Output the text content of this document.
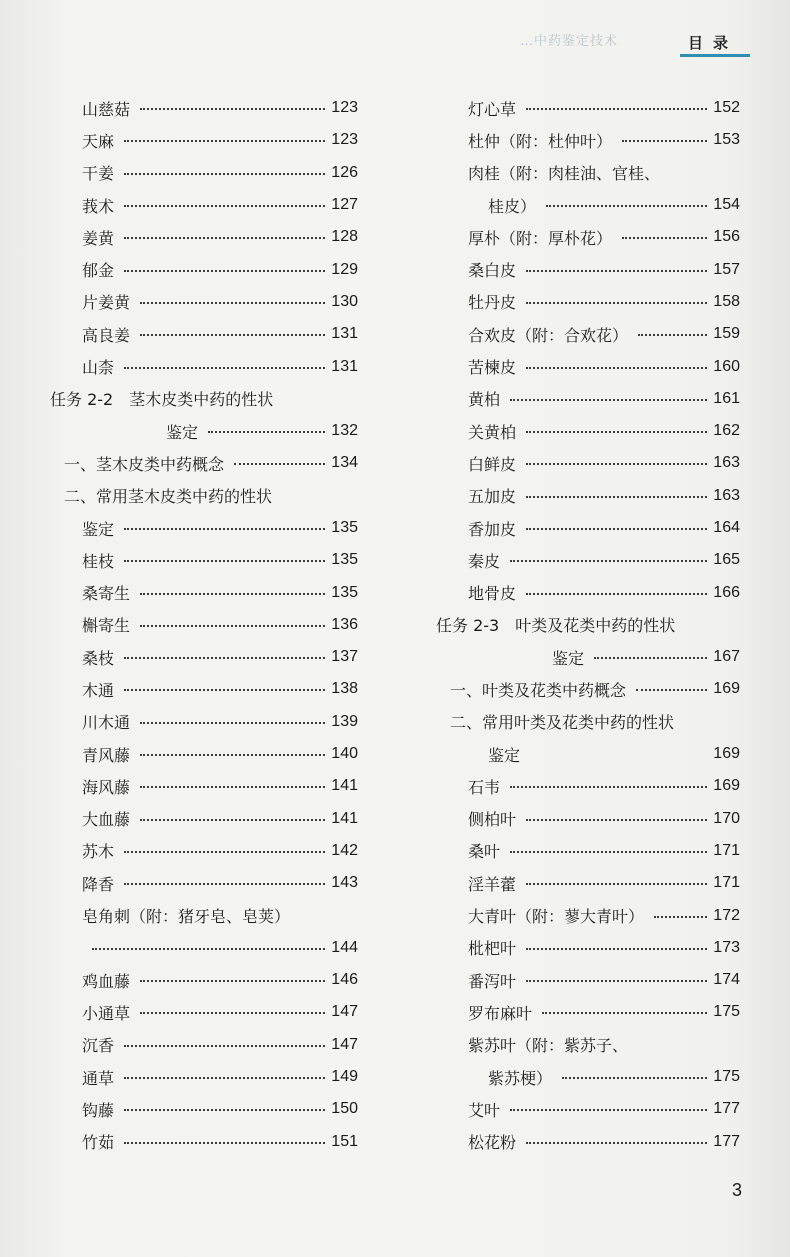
…中药鉴定技术	目录
山慈菇	123
天麻	123
干姜	126
莪术	127
姜黄	128
郁金	129
片姜黄	130
高良姜	131
山柰	131
任务 2-2　茎木皮类中药的性状
鉴定	132
一、茎木皮类中药概念	134
二、常用茎木皮类中药的性状
鉴定	135
桂枝	135
桑寄生	135
槲寄生	136
桑枝	137
木通	138
川木通	139
青风藤	140
海风藤	141
大血藤	141
苏木	142
降香	143
皂角刺（附：猪牙皂、皂荚）
144
鸡血藤	146
小通草	147
沉香	147
通草	149
钩藤	150
竹茹	151
灯心草	152
杜仲（附：杜仲叶）	153
肉桂（附：肉桂油、官桂、
桂皮）	154
厚朴（附：厚朴花）	156
桑白皮	157
牡丹皮	158
合欢皮（附：合欢花）	159
苦楝皮	160
黄柏	161
关黄柏	162
白鲜皮	163
五加皮	163
香加皮	164
秦皮	165
地骨皮	166
任务 2-3　叶类及花类中药的性状
鉴定	167
一、叶类及花类中药概念	169
二、常用叶类及花类中药的性状
鉴定	169
石韦	169
侧柏叶	170
桑叶	171
淫羊藿	171
大青叶（附：蓼大青叶）	172
枇杷叶	173
番泻叶	174
罗布麻叶	175
紫苏叶（附：紫苏子、
紫苏梗）	175
艾叶	177
松花粉	177
3
